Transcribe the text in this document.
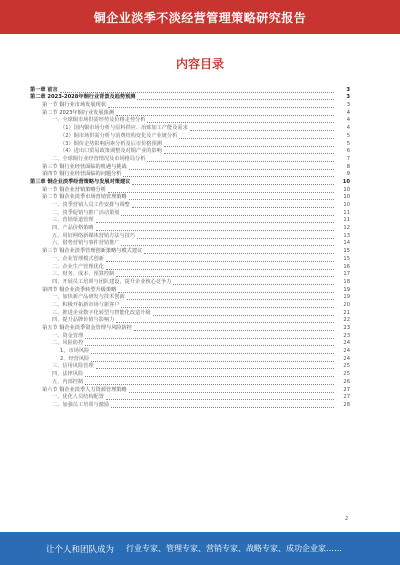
铜企业淡季不淡经营管理策略研究报告
内容目录
第一章 前言	3
第二章 2023-2028年铜行业背景及趋势预测	3
第一节 铜行业市场发展现状	3
第二节 2023年铜行业发展预测	4
一、全球铜市场供需形势及价格走势分析	4
（1）国内铜市场分析与原料供应、冶炼加工产能及需求	4
（2）铜市场供需分析与消费结构变化及产业链分析	5
（3）铜价走势影响因素分析及后市价格预测	5
（4）进出口贸易政策调整及对铜产业的影响	6
二、全球铜行业经营情况及市场格局分析	7
第三节 铜行业经营面临的机遇与挑战	8
第四节 铜行业经营面临的问题分析	9
第三章 铜企业淡季经营策略与发展对策建议	10
第一节 铜企业营销策略分析	10
第二节 铜企业淡季市场营销管理策略	10
一、淡季营销人员工作安排与调整	10
二、淡季促销与推广活动策划	11
三、营销渠道管理	11
四、产品价格策略	12
五、用好网络新媒体营销方法与技巧	13
六、借势营销与事件营销推广	14
第三节 铜企业淡季管理创新策略与模式建议	15
一、企业管理模式创新	15
二、企业生产管理优化	16
三、财务、成本、预算控制	17
四、开展员工培训与团队建设，提升企业核心竞争力	18
第四节 铜企业淡季转型升级策略	19
一、加快新产品研发与技术创新	19
二、积极开拓新市场与新客户	20
三、推进企业数字化转型与智能化改造升级	21
四、提升品牌价值与影响力	22
第五节 铜企业淡季资金管理与风险防控	23
一、资金管理	23
二、风险防控	24
1、市场风险	24
2、经营风险	24
三、信用风险管理	25
四、法律风险	25
五、内部控制	26
第六节 铜企业淡季人力资源管理策略	27
一、优化人员结构配置	27
二、加强员工培训与激励	28
2
让个人和团队成为	行业专家、管理专家、营销专家、战略专家、成功企业家……
